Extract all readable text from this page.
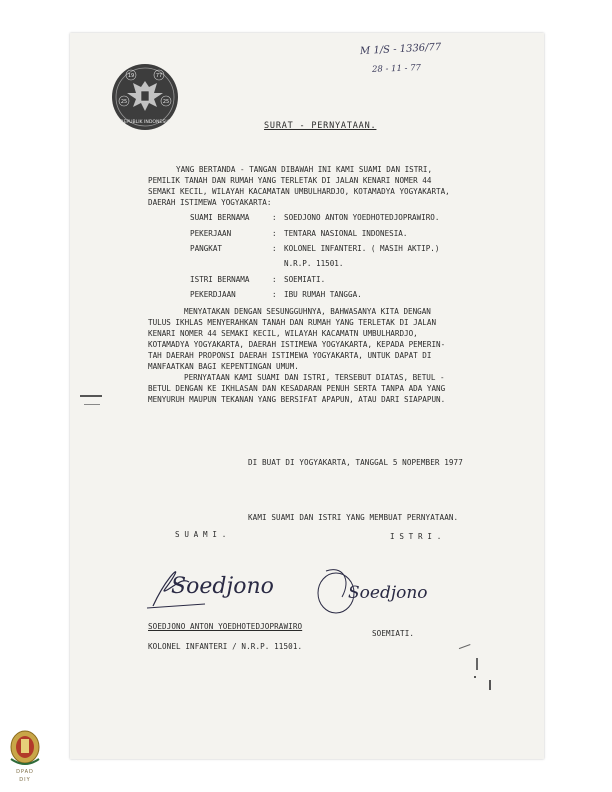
M 1/S - 1336/77
28 - 11 - 77
19	77
25	25
REPUBLIK INDONESIA	SURAT - PERNYATAAN.
YANG BERTANDA - TANGAN DIBAWAH INI KAMI SUAMI DAN ISTRI,
PEMILIK TANAH DAN RUMAH YANG TERLETAK DI JALAN KENARI NOMER 44
SEMAKI KECIL, WILAYAH KACAMATAN UMBULHARDJO, KOTAMADYA YOGYAKARTA,
DAERAH ISTIMEWA YOGYAKARTA:
SUAMI BERNAMA	: SOEDJONO ANTON YOEDHOTEDJOPRAWIRO.
PEKERJAAN	: TENTARA NASIONAL INDONESIA.
PANGKAT	: KOLONEL INFANTERI. ( MASIH AKTIP.)
N.R.P. 11501.
ISTRI BERNAMA	: SOEMIATI.
PEKERDJAAN	: IBU RUMAH TANGGA.
MENYATAKAN DENGAN SESUNGGUHNYA, BAHWASANYA KITA DENGAN
TULUS IKHLAS MENYERAHKAN TANAH DAN RUMAH YANG TERLETAK DI JALAN
KENARI NOMER 44 SEMAKI KECIL, WILAYAH KACAMATN UMBULHARDJO,
KOTAMADYA YOGYAKARTA, DAERAH ISTIMEWA YOGYAKARTA, KEPADA PEMERIN-
TAH DAERAH PROPONSI DAERAH ISTIMEWA YOGYAKARTA, UNTUK DAPAT DI
MANFAATKAN BAGI KEPENTINGAN UMUM.
PERNYATAAN KAMI SUAMI DAN ISTRI, TERSEBUT DIATAS, BETUL -
BETUL DENGAN KE IKHLASAN DAN KESADARAN PENUH SERTA TANPA ADA YANG
MENYURUH MAUPUN TEKANAN YANG BERSIFAT APAPUN, ATAU DARI SIAPAPUN.
DI BUAT DI YOGYAKARTA, TANGGAL 5 NOPEMBER 1977
KAMI SUAMI DAN ISTRI YANG MEMBUAT PERNYATAAN.
S U A M I .	I S T R I .
Soedjono	Soedjono
SOEDJONO ANTON YOEDHOTEDJOPRAWIRO
KOLONEL INFANTERI / N.R.P. 11501.
SOEMIATI.
DPAD
DIY
